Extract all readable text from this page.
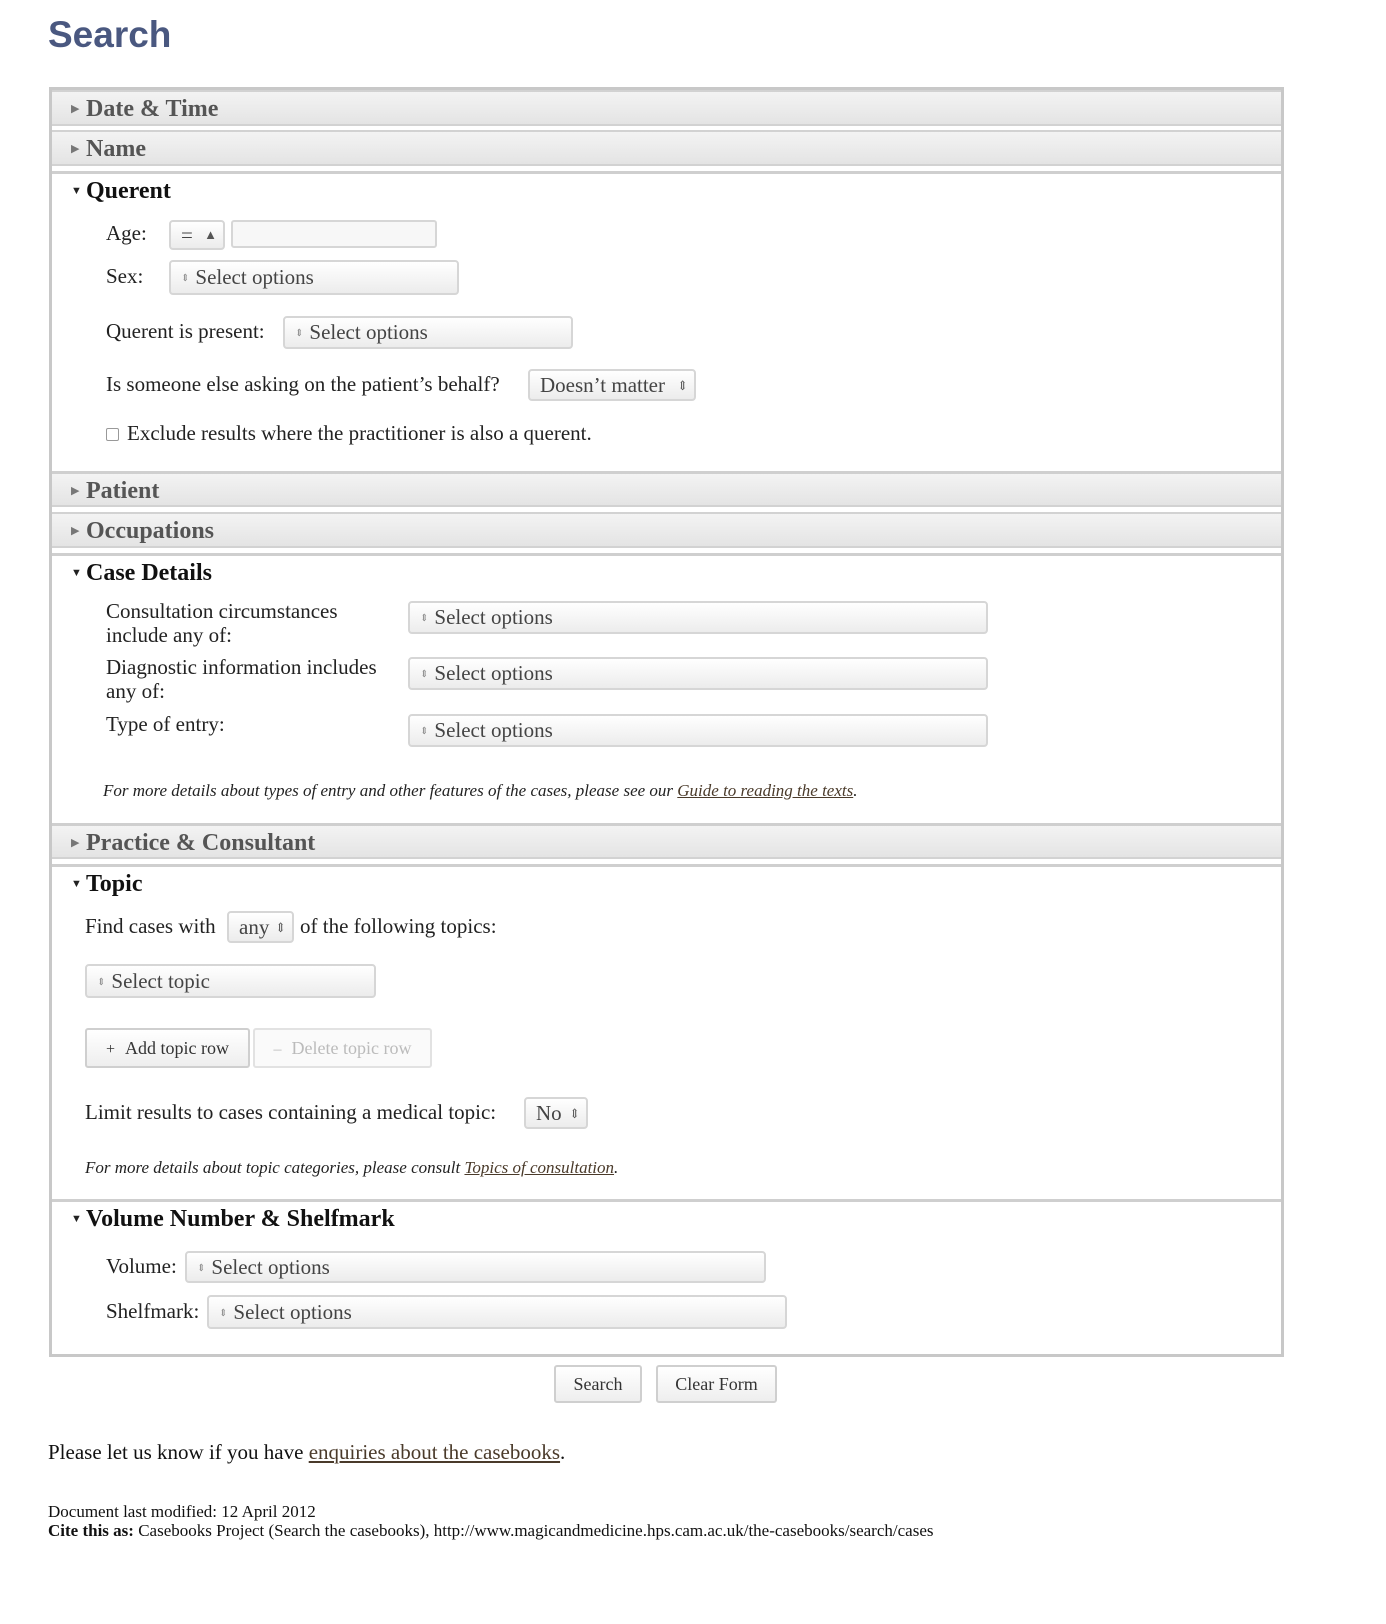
Search
▶ Date & Time
▶ Name
▼ Querent
Age:	= ▲

Sex:	⇕ Select options
Querent is present:	⇕ Select options
Is someone else asking on the patient’s behalf?	Doesn’t matter ⇕
Exclude results where the practitioner is also a querent.
▶ Patient
▶ Occupations
▼ Case Details
Consultation circumstances include any of:
⇕ Select options
Diagnostic information includes any of:
⇕ Select options
Type of entry:	⇕ Select options
For more details about types of entry and other features of the cases, please see our Guide to reading the texts.
▶ Practice & Consultant
▼ Topic
Find cases with	any ⇕ of the following topics:
⇕ Select topic
+ Add topic row	– Delete topic row
Limit results to cases containing a medical topic:	No ⇕
For more details about topic categories, please consult Topics of consultation.
▼ Volume Number & Shelfmark
Volume:	⇕ Select options
Shelfmark:	⇕ Select options
Search	Clear Form
Please let us know if you have enquiries about the casebooks.
Document last modified: 12 April 2012
Cite this as: Casebooks Project (Search the casebooks), http://www.magicandmedicine.hps.cam.ac.uk/the-casebooks/search/cases
